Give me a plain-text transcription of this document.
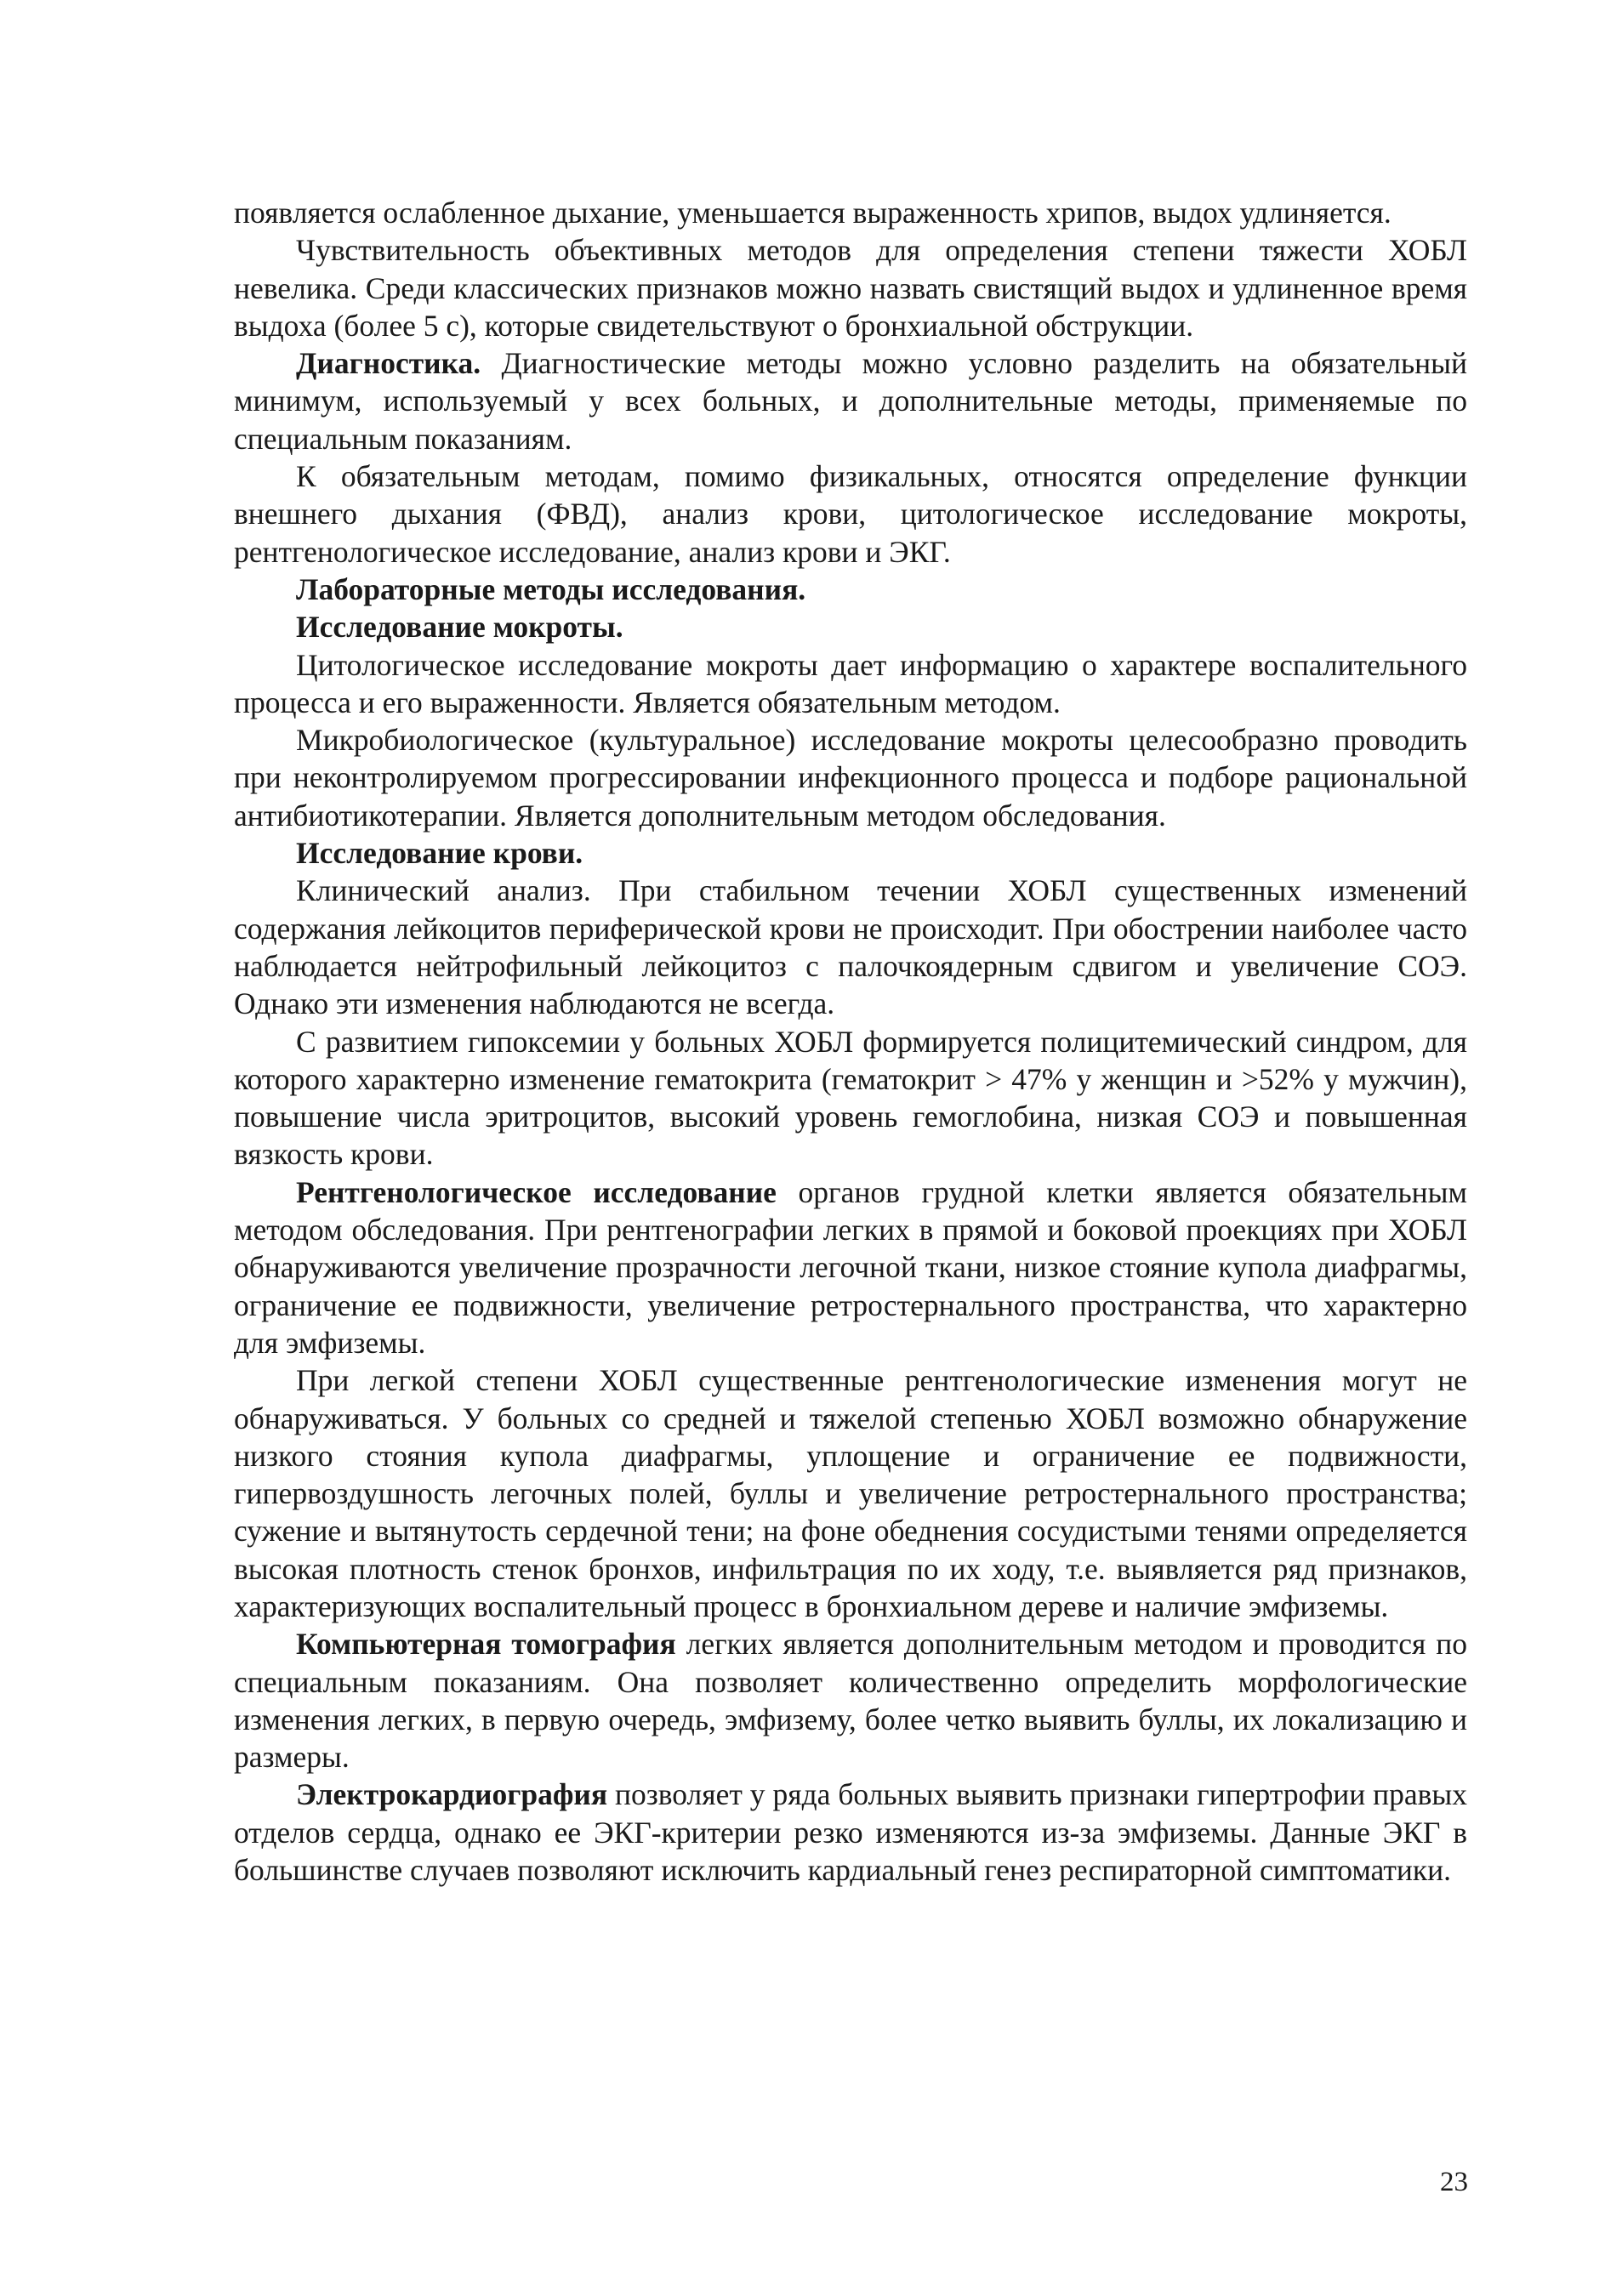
появляется ослабленное дыхание, уменьшается выраженность хрипов, выдох удлиняется.

Чувствительность объективных методов для определения степени тяжести ХОБЛ невелика. Среди классических признаков можно назвать свистящий выдох и удлиненное время выдоха (более 5 с), которые свидетельствуют о бронхиальной обструкции.

Диагностика. Диагностические методы можно условно разделить на обязательный минимум, используемый у всех больных, и дополнительные методы, применяемые по специальным показаниям.

К обязательным методам, помимо физикальных, относятся определение функции внешнего дыхания (ФВД), анализ крови, цитологическое исследование мокроты, рентгенологическое исследование, анализ крови и ЭКГ.

Лабораторные методы исследования.

Исследование мокроты.

Цитологическое исследование мокроты дает информацию о характере воспалительного процесса и его выраженности. Является обязательным методом.

Микробиологическое (культуральное) исследование мокроты целесообразно проводить при неконтролируемом прогрессировании инфекционного процесса и подборе рациональной антибиотикотерапии. Является дополнительным методом обследования.

Исследование крови.

Клинический анализ. При стабильном течении ХОБЛ существенных изменений содержания лейкоцитов периферической крови не происходит. При обострении наиболее часто наблюдается нейтрофильный лейкоцитоз с палочкоядерным сдвигом и увеличение СОЭ. Однако эти изменения наблюдаются не всегда.

С развитием гипоксемии у больных ХОБЛ формируется полицитемический синдром, для которого характерно изменение гематокрита (гематокрит > 47% у женщин и >52% у мужчин), повышение числа эритроцитов, высокий уровень гемоглобина, низкая СОЭ и повышенная вязкость крови.

Рентгенологическое исследование органов грудной клетки является обязательным методом обследования. При рентгенографии легких в прямой и боковой проекциях при ХОБЛ обнаруживаются увеличение прозрачности легочной ткани, низкое стояние купола диафрагмы, ограничение ее подвижности, увеличение ретростернального пространства, что характерно для эмфиземы.

При легкой степени ХОБЛ существенные рентгенологические изменения могут не обнаруживаться. У больных со средней и тяжелой степенью ХОБЛ возможно обнаружение низкого стояния купола диафрагмы, уплощение и ограничение ее подвижности, гипервоздушность легочных полей, буллы и увеличение ретростернального пространства; сужение и вытянутость сердечной тени; на фоне обеднения сосудистыми тенями определяется высокая плотность стенок бронхов, инфильтрация по их ходу, т.е. выявляется ряд признаков, характеризующих воспалительный процесс в бронхиальном дереве и наличие эмфиземы.

Компьютерная томография легких является дополнительным методом и проводится по специальным показаниям. Она позволяет количественно определить морфологические изменения легких, в первую очередь, эмфизему, более четко выявить буллы, их локализацию и размеры.

Электрокардиография позволяет у ряда больных выявить признаки гипертрофии правых отделов сердца, однако ее ЭКГ-критерии резко изменяются из-за эмфиземы. Данные ЭКГ в большинстве случаев позволяют исключить кардиальный генез респираторной симптоматики.

23
